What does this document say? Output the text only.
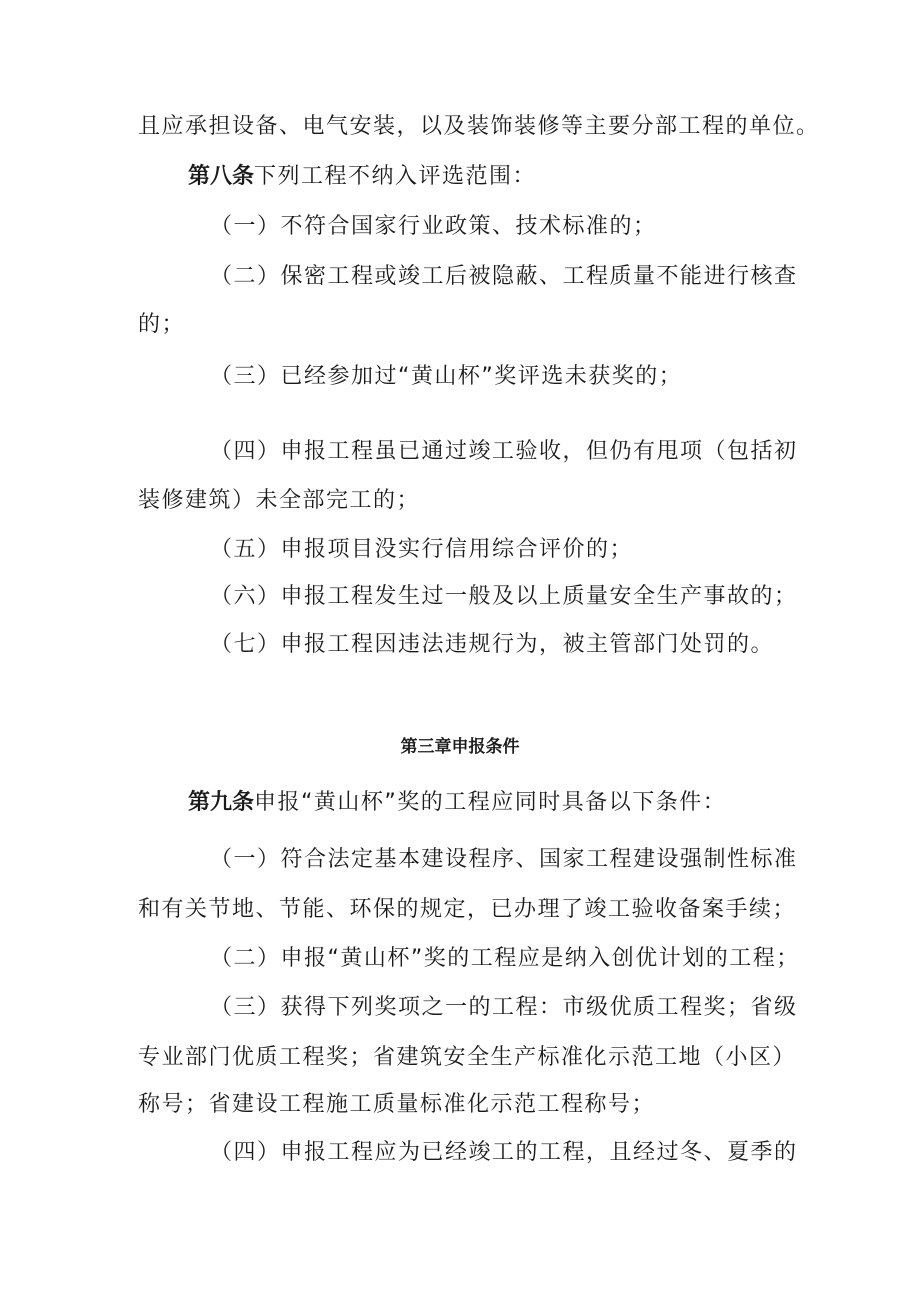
且应承担设备、电气安装，以及装饰装修等主要分部工程的单位。
第八条下列工程不纳入评选范围：
（一）不符合国家行业政策、技术标准的；
（二）保密工程或竣工后被隐蔽、工程质量不能进行核查
的；
（三）已经参加过“黄山杯”奖评选未获奖的；
（四）申报工程虽已通过竣工验收，但仍有甩项（包括初
装修建筑）未全部完工的；
（五）申报项目没实行信用综合评价的；
（六）申报工程发生过一般及以上质量安全生产事故的；
（七）申报工程因违法违规行为，被主管部门处罚的。
第三章申报条件
第九条申报“黄山杯”奖的工程应同时具备以下条件：
（一）符合法定基本建设程序、国家工程建设强制性标准
和有关节地、节能、环保的规定，已办理了竣工验收备案手续；
（二）申报“黄山杯”奖的工程应是纳入创优计划的工程；
（三）获得下列奖项之一的工程：市级优质工程奖；省级
专业部门优质工程奖；省建筑安全生产标准化示范工地（小区）
称号；省建设工程施工质量标准化示范工程称号；
（四）申报工程应为已经竣工的工程，且经过冬、夏季的
